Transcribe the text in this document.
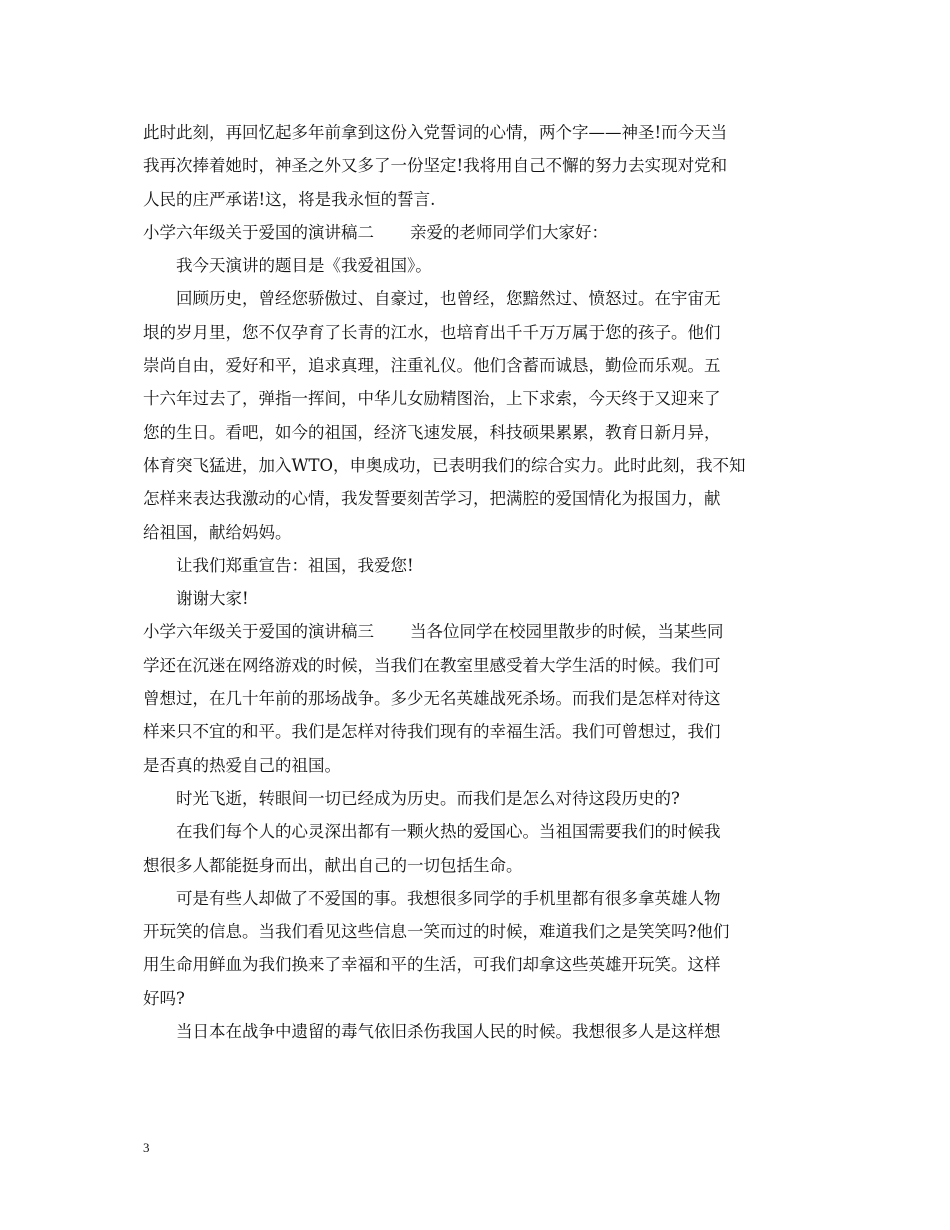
此时此刻，再回忆起多年前拿到这份入党誓词的心情，两个字——神圣!而今天当
我再次捧着她时，神圣之外又多了一份坚定!我将用自己不懈的努力去实现对党和
人民的庄严承诺!这，将是我永恒的誓言.
小学六年级关于爱国的演讲稿二 亲爱的老师同学们大家好：
我今天演讲的题目是《我爱祖国》。
回顾历史，曾经您骄傲过、自豪过，也曾经，您黯然过、愤怒过。在宇宙无
垠的岁月里，您不仅孕育了长青的江水，也培育出千千万万属于您的孩子。他们
崇尚自由，爱好和平，追求真理，注重礼仪。他们含蓄而诚恳，勤俭而乐观。五
十六年过去了，弹指一挥间，中华儿女励精图治，上下求索，今天终于又迎来了
您的生日。看吧，如今的祖国，经济飞速发展，科技硕果累累，教育日新月异，
体育突飞猛进，加入WTO，申奥成功，已表明我们的综合实力。此时此刻，我不知
怎样来表达我激动的心情，我发誓要刻苦学习，把满腔的爱国情化为报国力，献
给祖国，献给妈妈。
让我们郑重宣告：祖国，我爱您!
谢谢大家!
小学六年级关于爱国的演讲稿三 当各位同学在校园里散步的时候，当某些同
学还在沉迷在网络游戏的时候，当我们在教室里感受着大学生活的时候。我们可
曾想过，在几十年前的那场战争。多少无名英雄战死杀场。而我们是怎样对待这
样来只不宜的和平。我们是怎样对待我们现有的幸福生活。我们可曾想过，我们
是否真的热爱自己的祖国。
时光飞逝，转眼间一切已经成为历史。而我们是怎么对待这段历史的?
在我们每个人的心灵深出都有一颗火热的爱国心。当祖国需要我们的时候我
想很多人都能挺身而出，献出自己的一切包括生命。
可是有些人却做了不爱国的事。我想很多同学的手机里都有很多拿英雄人物
开玩笑的信息。当我们看见这些信息一笑而过的时候，难道我们之是笑笑吗?他们
用生命用鲜血为我们换来了幸福和平的生活，可我们却拿这些英雄开玩笑。这样
好吗?
当日本在战争中遗留的毒气依旧杀伤我国人民的时候。我想很多人是这样想
3
